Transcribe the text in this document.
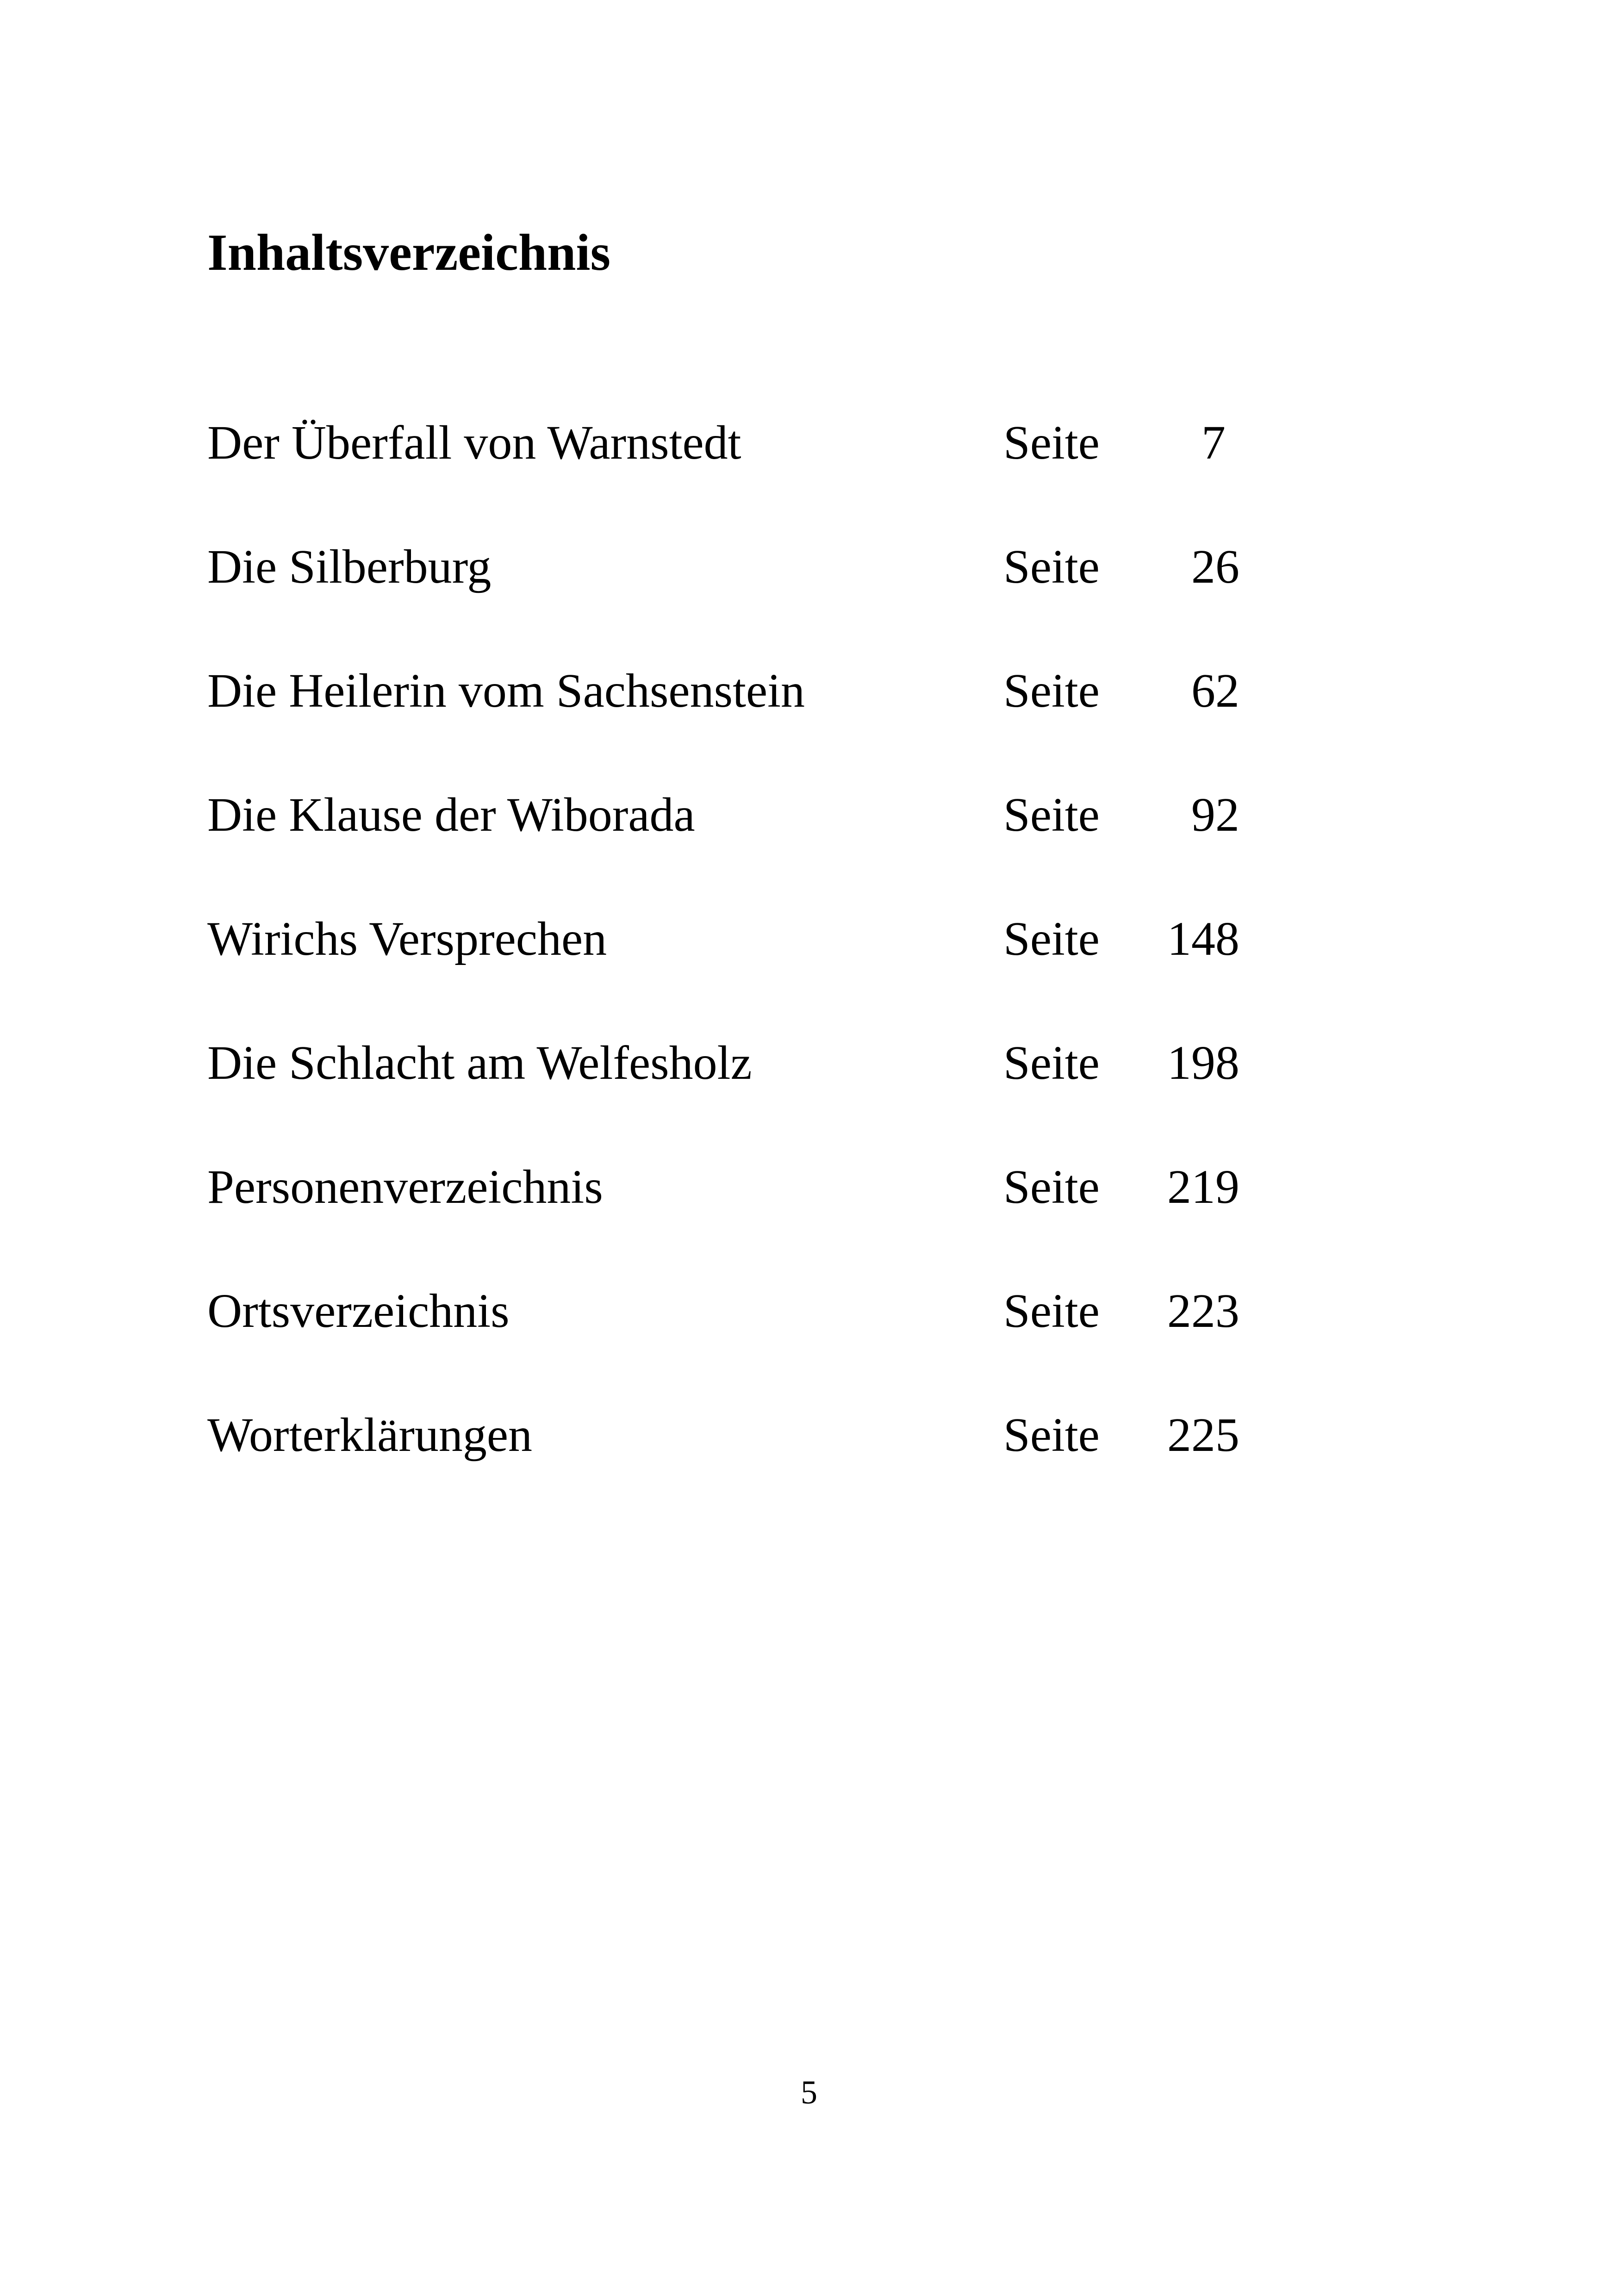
Inhaltsverzeichnis
Der Überfall von Warnstedt	Seite	7
Die Silberburg	Seite	26
Die Heilerin vom Sachsenstein	Seite	62
Die Klause der Wiborada	Seite	92
Wirichs Versprechen	Seite	148
Die Schlacht am Welfesholz	Seite	198
Personenverzeichnis	Seite	219
Ortsverzeichnis	Seite	223
Worterklärungen	Seite	225
5
